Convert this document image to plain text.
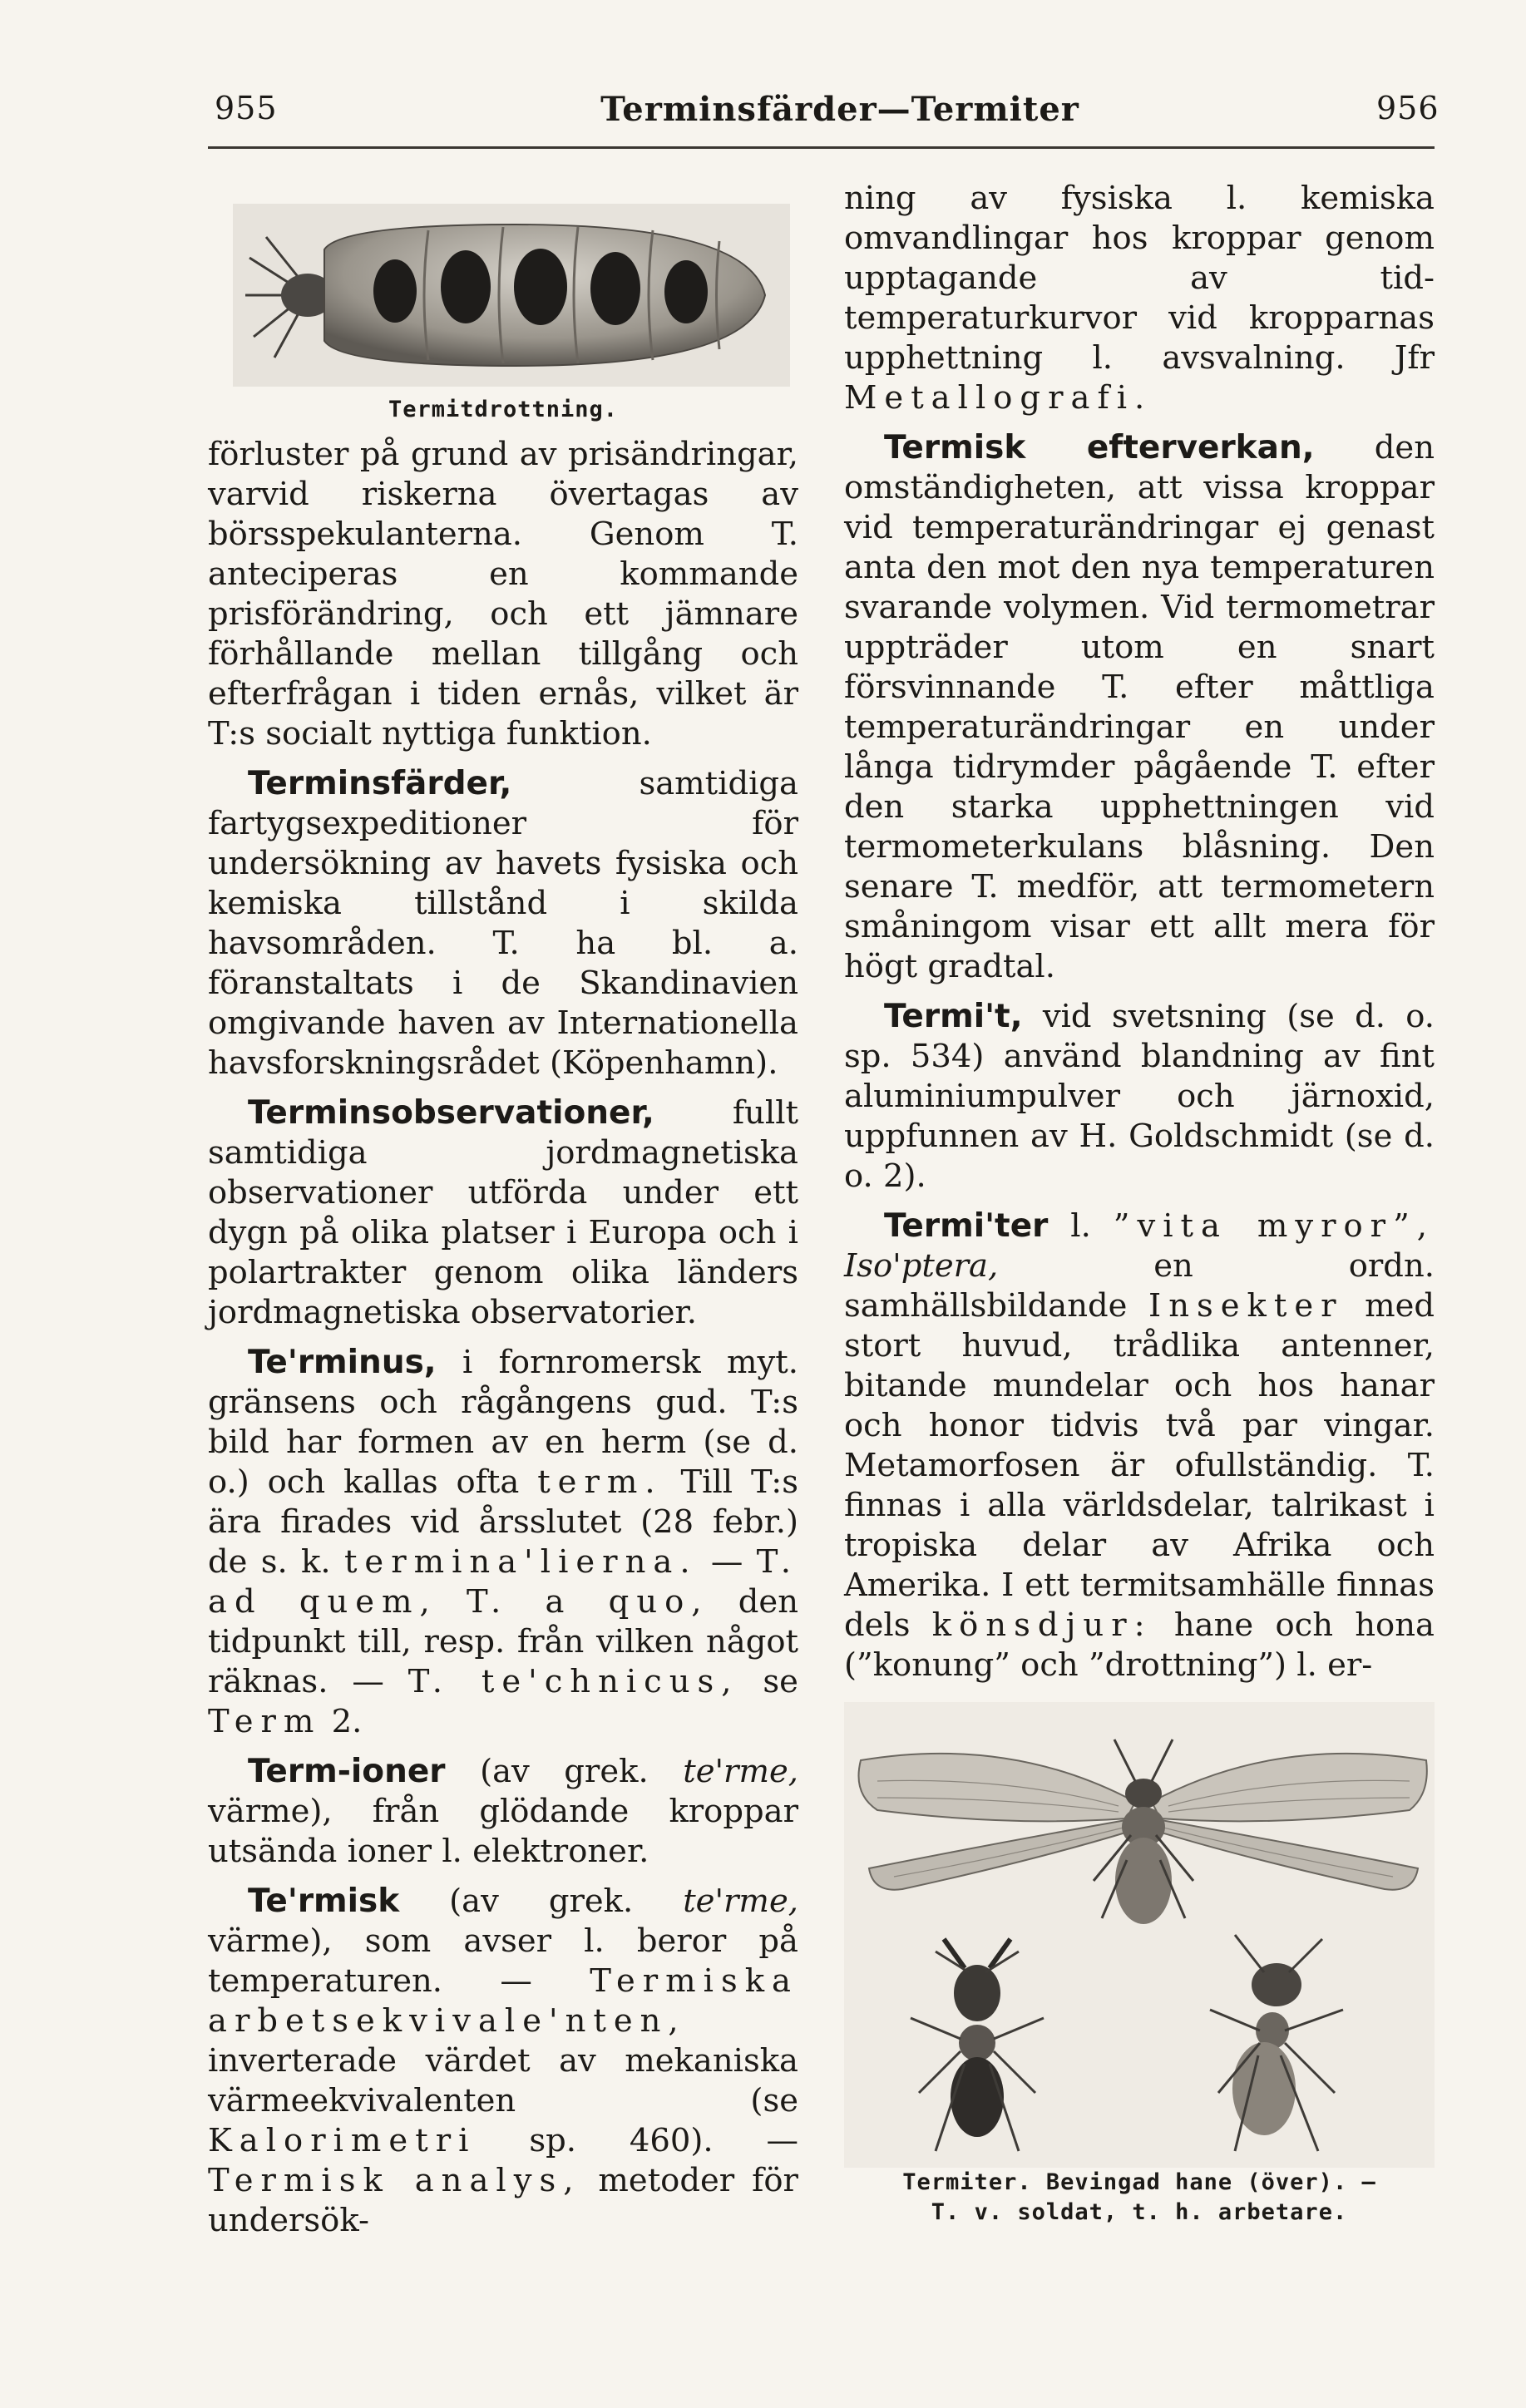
955	Terminsfärder—Termiter	956
Termitdrottning.

förluster på grund av prisändringar, varvid riskerna övertagas av börsspekulanterna. Genom T. anteciperas en kommande prisförändring, och ett jämnare förhållande mellan tillgång och efterfrågan i tiden ernås, vilket är T:s socialt nyttiga funktion.

Terminsfärder,	samtidiga fartygsexpeditioner för undersökning av havets fysiska och kemiska tillstånd i skilda havsområden. T. ha bl. a. föranstaltats i de Skandinavien omgivande haven av Internationella havsforskningsrådet (Köpenhamn).

Terminsobservationer, fullt samtidiga jordmagnetiska observationer utförda under ett dygn på olika platser i Europa och i polartrakter genom olika länders jordmagnetiska observatorier.

Te'rminus, i fornromersk myt. gränsens och rågångens gud. T:s bild har formen av en herm (se d. o.) och kallas ofta term. Till T:s ära firades vid årsslutet (28 febr.) de s. k. termina'lierna. — T. ad quem, T. a quo, den tidpunkt till, resp. från vilken något räknas. — T. te'chnicus, se Term 2.

Term-ioner (av grek. te'rme, värme), från glödande kroppar utsända ioner l. elektroner.

Te'rmisk (av grek. te'rme, värme), som avser l. beror på temperaturen. — Termiska arbetsekvivale'nten, inverterade värdet av mekaniska värmeekvivalenten (se Kalorimetri sp. 460). — Termisk analys, metoder för undersök-

ning av fysiska l. kemiska omvandlingar hos kroppar genom upptagande av tid-temperaturkurvor vid kropparnas upphettning l. avsvalning. Jfr Metallografi.

Termisk efterverkan, den omständigheten, att vissa kroppar vid temperaturändringar ej genast anta den mot den nya temperaturen svarande volymen. Vid termometrar uppträder utom en snart försvinnande T. efter måttliga temperaturändringar en under långa tidrymder pågående T. efter den starka upphettningen vid termometerkulans blåsning. Den senare T. medför, att termometern småningom visar ett allt mera för högt gradtal.

Termi't, vid svetsning (se d. o. sp. 534) använd blandning av fint aluminiumpulver och järnoxid, uppfunnen av H. Goldschmidt (se d. o. 2).

Termi'ter l. ”vita myror”, Iso'ptera,	en ordn. samhällsbildande Insekter med stort huvud, trådlika antenner, bitande mundelar och hos hanar och honor tidvis två par vingar. Metamorfosen är ofullständig. T. finnas i alla världsdelar, talrikast i tropiska delar av Afrika och Amerika. I ett termitsamhälle finnas dels könsdjur: hane och hona (”konung” och ”drottning”) l. er-

Termiter. Bevingad hane (över). —
T. v. soldat, t. h. arbetare.
